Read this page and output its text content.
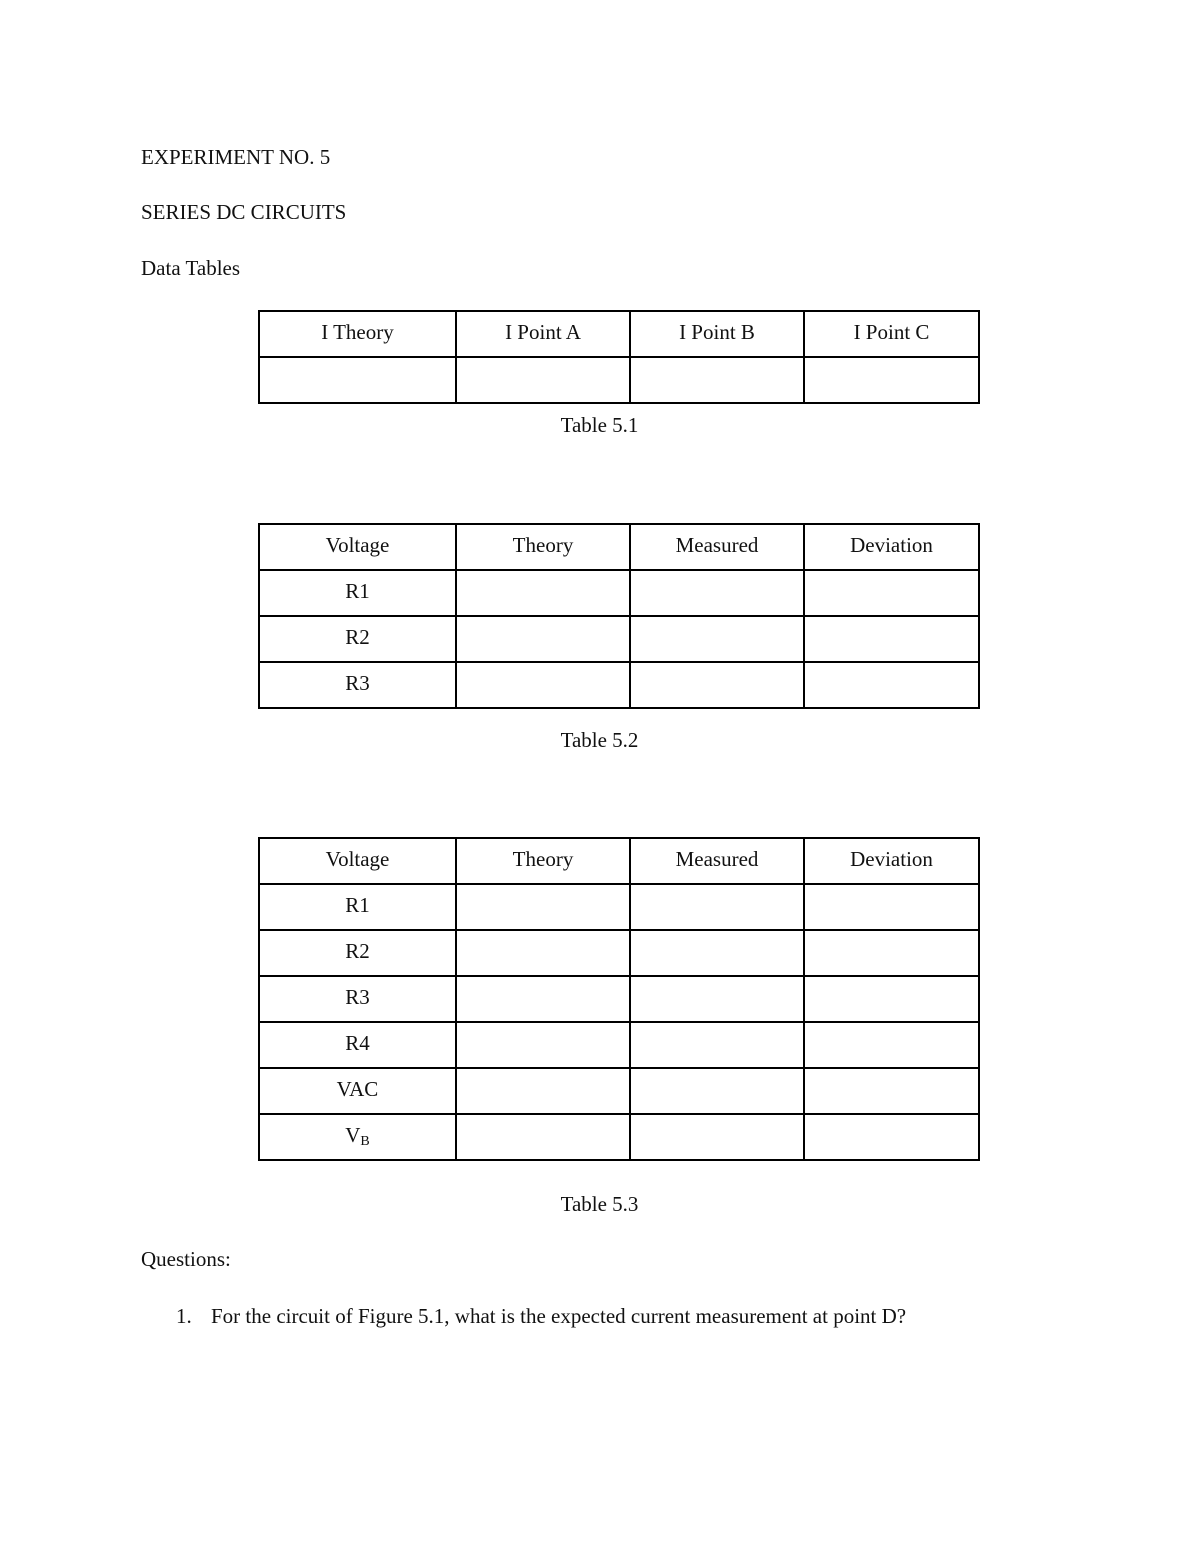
EXPERIMENT NO. 5
SERIES DC CIRCUITS
Data Tables
I Theory	I Point A	I Point B	I Point C

Table 5.1
Voltage	Theory	Measured	Deviation
R1			
R2			
R3			
Table 5.2
Voltage	Theory	Measured	Deviation
R1			
R2			
R3			
R4			
VAC			
$V_B$			
Table 5.3
Questions:
1. For the circuit of Figure 5.1, what is the expected current measurement at point D?
